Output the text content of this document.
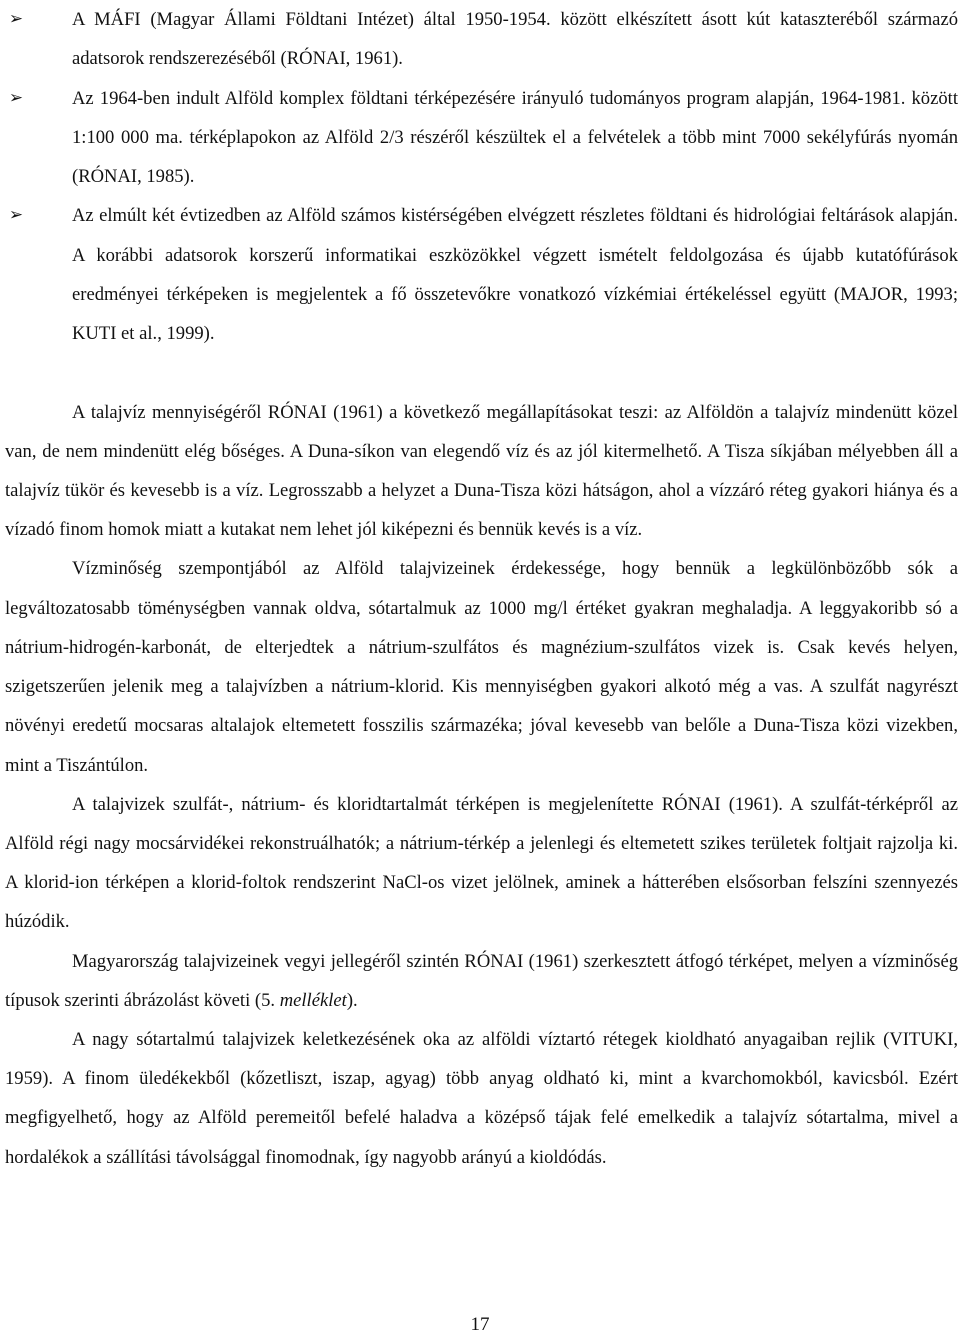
➢	A MÁFI (Magyar Állami Földtani Intézet) által 1950-1954. között elkészített ásott kút kataszteréből származó adatsorok rendszerezéséből (RÓNAI, 1961).
➢	Az 1964-ben indult Alföld komplex földtani térképezésére irányuló tudományos program alapján, 1964-1981. között 1:100 000 ma. térképlapokon az Alföld 2/3 részéről készültek el a felvételek a több mint 7000 sekélyfúrás nyomán (RÓNAI, 1985).
➢	Az elmúlt két évtizedben az Alföld számos kistérségében elvégzett részletes földtani és hidrológiai feltárások alapján. A korábbi adatsorok korszerű informatikai eszközökkel végzett ismételt feldolgozása és újabb kutatófúrások eredményei térképeken is megjelentek a fő összetevőkre vonatkozó vízkémiai értékeléssel együtt (MAJOR, 1993; KUTI et al., 1999).

A talajvíz mennyiségéről RÓNAI (1961) a következő megállapításokat teszi: az Alföldön a talajvíz mindenütt közel van, de nem mindenütt elég bőséges. A Duna-síkon van elegendő víz és az jól kitermelhető. A Tisza síkjában mélyebben áll a talajvíz tükör és kevesebb is a víz. Legrosszabb a helyzet a Duna-Tisza közi hátságon, ahol a vízzáró réteg gyakori hiánya és a vízadó finom homok miatt a kutakat nem lehet jól kiképezni és bennük kevés is a víz.

Vízminőség szempontjából az Alföld talajvizeinek érdekessége, hogy bennük a legkülönbözőbb sók a legváltozatosabb töménységben vannak oldva, sótartalmuk az 1000 mg/l értéket gyakran meghaladja. A leggyakoribb só a nátrium-hidrogén-karbonát, de elterjedtek a nátrium-szulfátos és magnézium-szulfátos vizek is. Csak kevés helyen, szigetszerűen jelenik meg a talajvízben a nátrium-klorid. Kis mennyiségben gyakori alkotó még a vas. A szulfát nagyrészt növényi eredetű mocsaras altalajok eltemetett fosszilis származéka; jóval kevesebb van belőle a Duna-Tisza közi vizekben, mint a Tiszántúlon.

A talajvizek szulfát-, nátrium- és kloridtartalmát térképen is megjelenítette RÓNAI (1961). A szulfát-térképről az Alföld régi nagy mocsárvidékei rekonstruálhatók; a nátrium-térkép a jelenlegi és eltemetett szikes területek foltjait rajzolja ki. A klorid-ion térképen a klorid-foltok rendszerint NaCl-os vizet jelölnek, aminek a hátterében elsősorban felszíni szennyezés húzódik.

Magyarország talajvizeinek vegyi jellegéről szintén RÓNAI (1961) szerkesztett átfogó térképet, melyen a vízminőség típusok szerinti ábrázolást követi (5. melléklet).

A nagy sótartalmú talajvizek keletkezésének oka az alföldi víztartó rétegek kioldható anyagaiban rejlik (VITUKI, 1959). A finom üledékekből (kőzetliszt, iszap, agyag) több anyag oldható ki, mint a kvarchomokból, kavicsból. Ezért megfigyelhető, hogy az Alföld peremeitől befelé haladva a középső tájak felé emelkedik a talajvíz sótartalma, mivel a hordalékok a szállítási távolsággal finomodnak, így nagyobb arányú a kioldódás.

17
